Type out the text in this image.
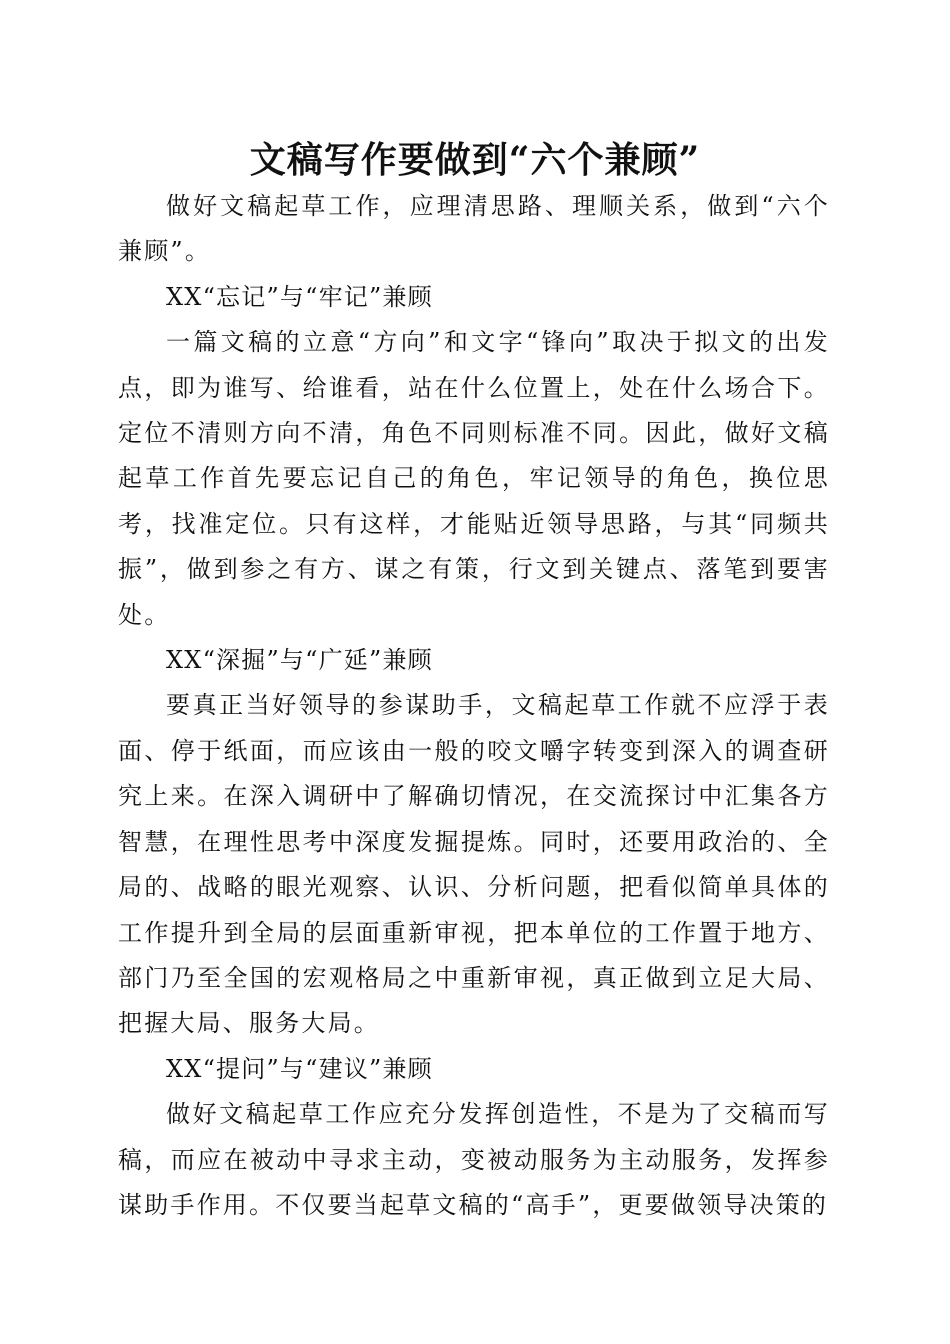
文稿写作要做到“六个兼顾”

做好文稿起草工作，应理清思路、理顺关系，做到“六个兼顾”。

XX“忘记”与“牢记”兼顾

一篇文稿的立意“方向”和文字“锋向”取决于拟文的出发点，即为谁写、给谁看，站在什么位置上，处在什么场合下。定位不清则方向不清，角色不同则标准不同。因此，做好文稿起草工作首先要忘记自己的角色，牢记领导的角色，换位思考，找准定位。只有这样，才能贴近领导思路，与其“同频共振”，做到参之有方、谋之有策，行文到关键点、落笔到要害处。

XX“深掘”与“广延”兼顾

要真正当好领导的参谋助手，文稿起草工作就不应浮于表面、停于纸面，而应该由一般的咬文嚼字转变到深入的调查研究上来。在深入调研中了解确切情况，在交流探讨中汇集各方智慧，在理性思考中深度发掘提炼。同时，还要用政治的、全局的、战略的眼光观察、认识、分析问题，把看似简单具体的工作提升到全局的层面重新审视，把本单位的工作置于地方、部门乃至全国的宏观格局之中重新审视，真正做到立足大局、把握大局、服务大局。

XX“提问”与“建议”兼顾

做好文稿起草工作应充分发挥创造性，不是为了交稿而写稿，而应在被动中寻求主动，变被动服务为主动服务，发挥参谋助手作用。不仅要当起草文稿的“高手”，更要做领导决策的
